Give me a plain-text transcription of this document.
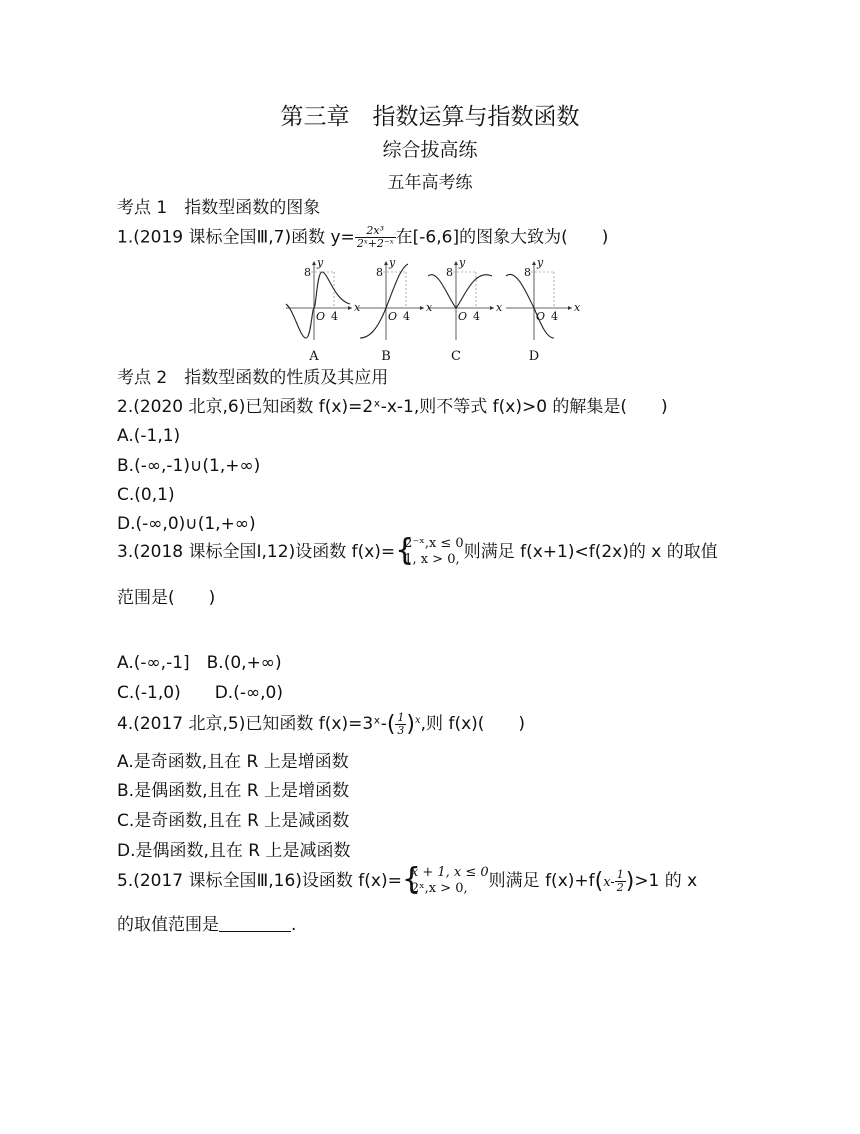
第三章　指数运算与指数函数
综合拔高练
五年高考练
考点 1　指数型函数的图象
1.(2019 课标全国Ⅲ,7)函数 $y= \frac{\text{2x³}}{\text{2ˣ+2⁻ˣ}}$ 在[-6,6]的图象大致为(　　)
y
8
x
O 4
A
y
8
x
O 4
B
y
8
x
O 4
C
y
8
x
O 4
D
考点 2　指数型函数的性质及其应用
2.(2020 北京,6)已知函数 f(x)=2ˣ-x-1,则不等式 f(x)>0 的解集是(　　)
A.(-1,1)
B.(-∞,-1)∪(1,+∞)
C.(0,1)
D.(-∞,0)∪(1,+∞)
3.(2018 课标全国Ⅰ,12)设函数 f(x)= {
2⁻ˣ,x ≤ 0
1, x > 0, 则满足 f(x+1)<f(2x)的 x 的取值
范围是(　　)
A.(-∞,-1]　B.(0,+∞)
C.(-1,0)　　D.(-∞,0)
4.(2017 北京,5)已知函数 f(x)=3ˣ-( $\frac{1}{3} )^x$,则 f(x)(　　)
A.是奇函数,且在 R 上是增函数
B.是偶函数,且在 R 上是增函数
C.是奇函数,且在 R 上是减函数
D.是偶函数,且在 R 上是减函数
5.(2017 课标全国Ⅲ,16)设函数 f(x)= {
x + 1, x ≤ 0
2ˣ,x > 0,	则满足 $f(x)+f(x- \frac{1}{2} )>1$ 的 x
的取值范围是	.
